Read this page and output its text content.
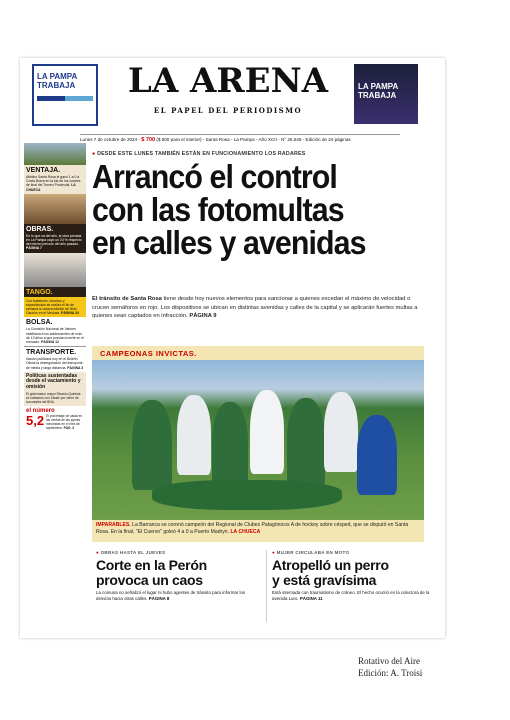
LA PAMPA
TRABAJA	LA ARENA
EL PAPEL DEL PERIODISMO
LA PAMPA
TRABAJA
Lunes 7 de octubre de 2024 - $ 700 ($ 800 para el interior) - Santa Rosa - La Pampa - Año XCII - N° 26.546 - Edición de 24 páginas
VENTAJA.
Atlético Santa Rosa le ganó 1 a 0 a Costa Brava en la ida de los cuartos de final del Torneo Provincial. LA CHUECA
OBRAS.
En lo que va del año, la obra privada en La Pampa cayó un 24 % respecto del mismo período del año pasado. PÁGINA 7
TANGO.
Con bailarines, músicos y espectáculos se realizó el fin de semana la octava edición de Nido Gaucho en el Medusa. PÁGINA 24
BOLSA.
La Comisión Nacional de Valores habilitaría a los adolescentes de más de 13 años a que puedan invertir en el mercado. PÁGINA 12
TRANSPORTE.
Nación publicará hoy en el Boletín Oficial la desregulación del transporte de media y larga distancia. PÁGINA 3
Políticas sustentadas desde el vaciamiento y omisión
El gobernador mayor Ricardo Quintela se solidarizó con Zárate por cierre de sucursales del BNA.
el número
5,2 El porcentaje de caída en las ventas de las pymes minoristas en el mes de septiembre. PÁG. 3
● DESDE ESTE LUNES TAMBIÉN ESTÁN EN FUNCIONAMIENTO LOS RADARES
Arrancó el control
con las fotomultas
en calles y avenidas
El tránsito de Santa Rosa tiene desde hoy nuevos elementos para sancionar a quienes excedan el máximo de velocidad o crucen semáforos en rojo. Los dispositivos se ubican en distintas avenidas y calles de la capital y se aplicarán fuertes multas a quienes sean captados en infracción. PÁGINA 9
CAMPEONAS INVICTAS.
IMPARABLES. La Barranca se coronó campeón del Regional de Clubes Patagónicos A de hockey sobre césped, que se disputó en Santa Rosa. En la final, "El Cuervo" goleó 4 a 0 a Puerto Madryn. LA CHUECA
● OBRAS HASTA EL JUEVES
Corte en la Perón
provoca un caos
La comuna no señalizó el lugar ni hubo agentes de tránsito para informar los desvíos hacia otras calles. PÁGINA 8
● MUJER CIRCULABA EN MOTO
Atropelló un perro
y está gravísima
Está internada con traumatismo de cráneo. El hecho ocurrió en la colectora de la avenida Luro. PÁGINA 11
Rotativo del Aire
Edición: A. Troisi
